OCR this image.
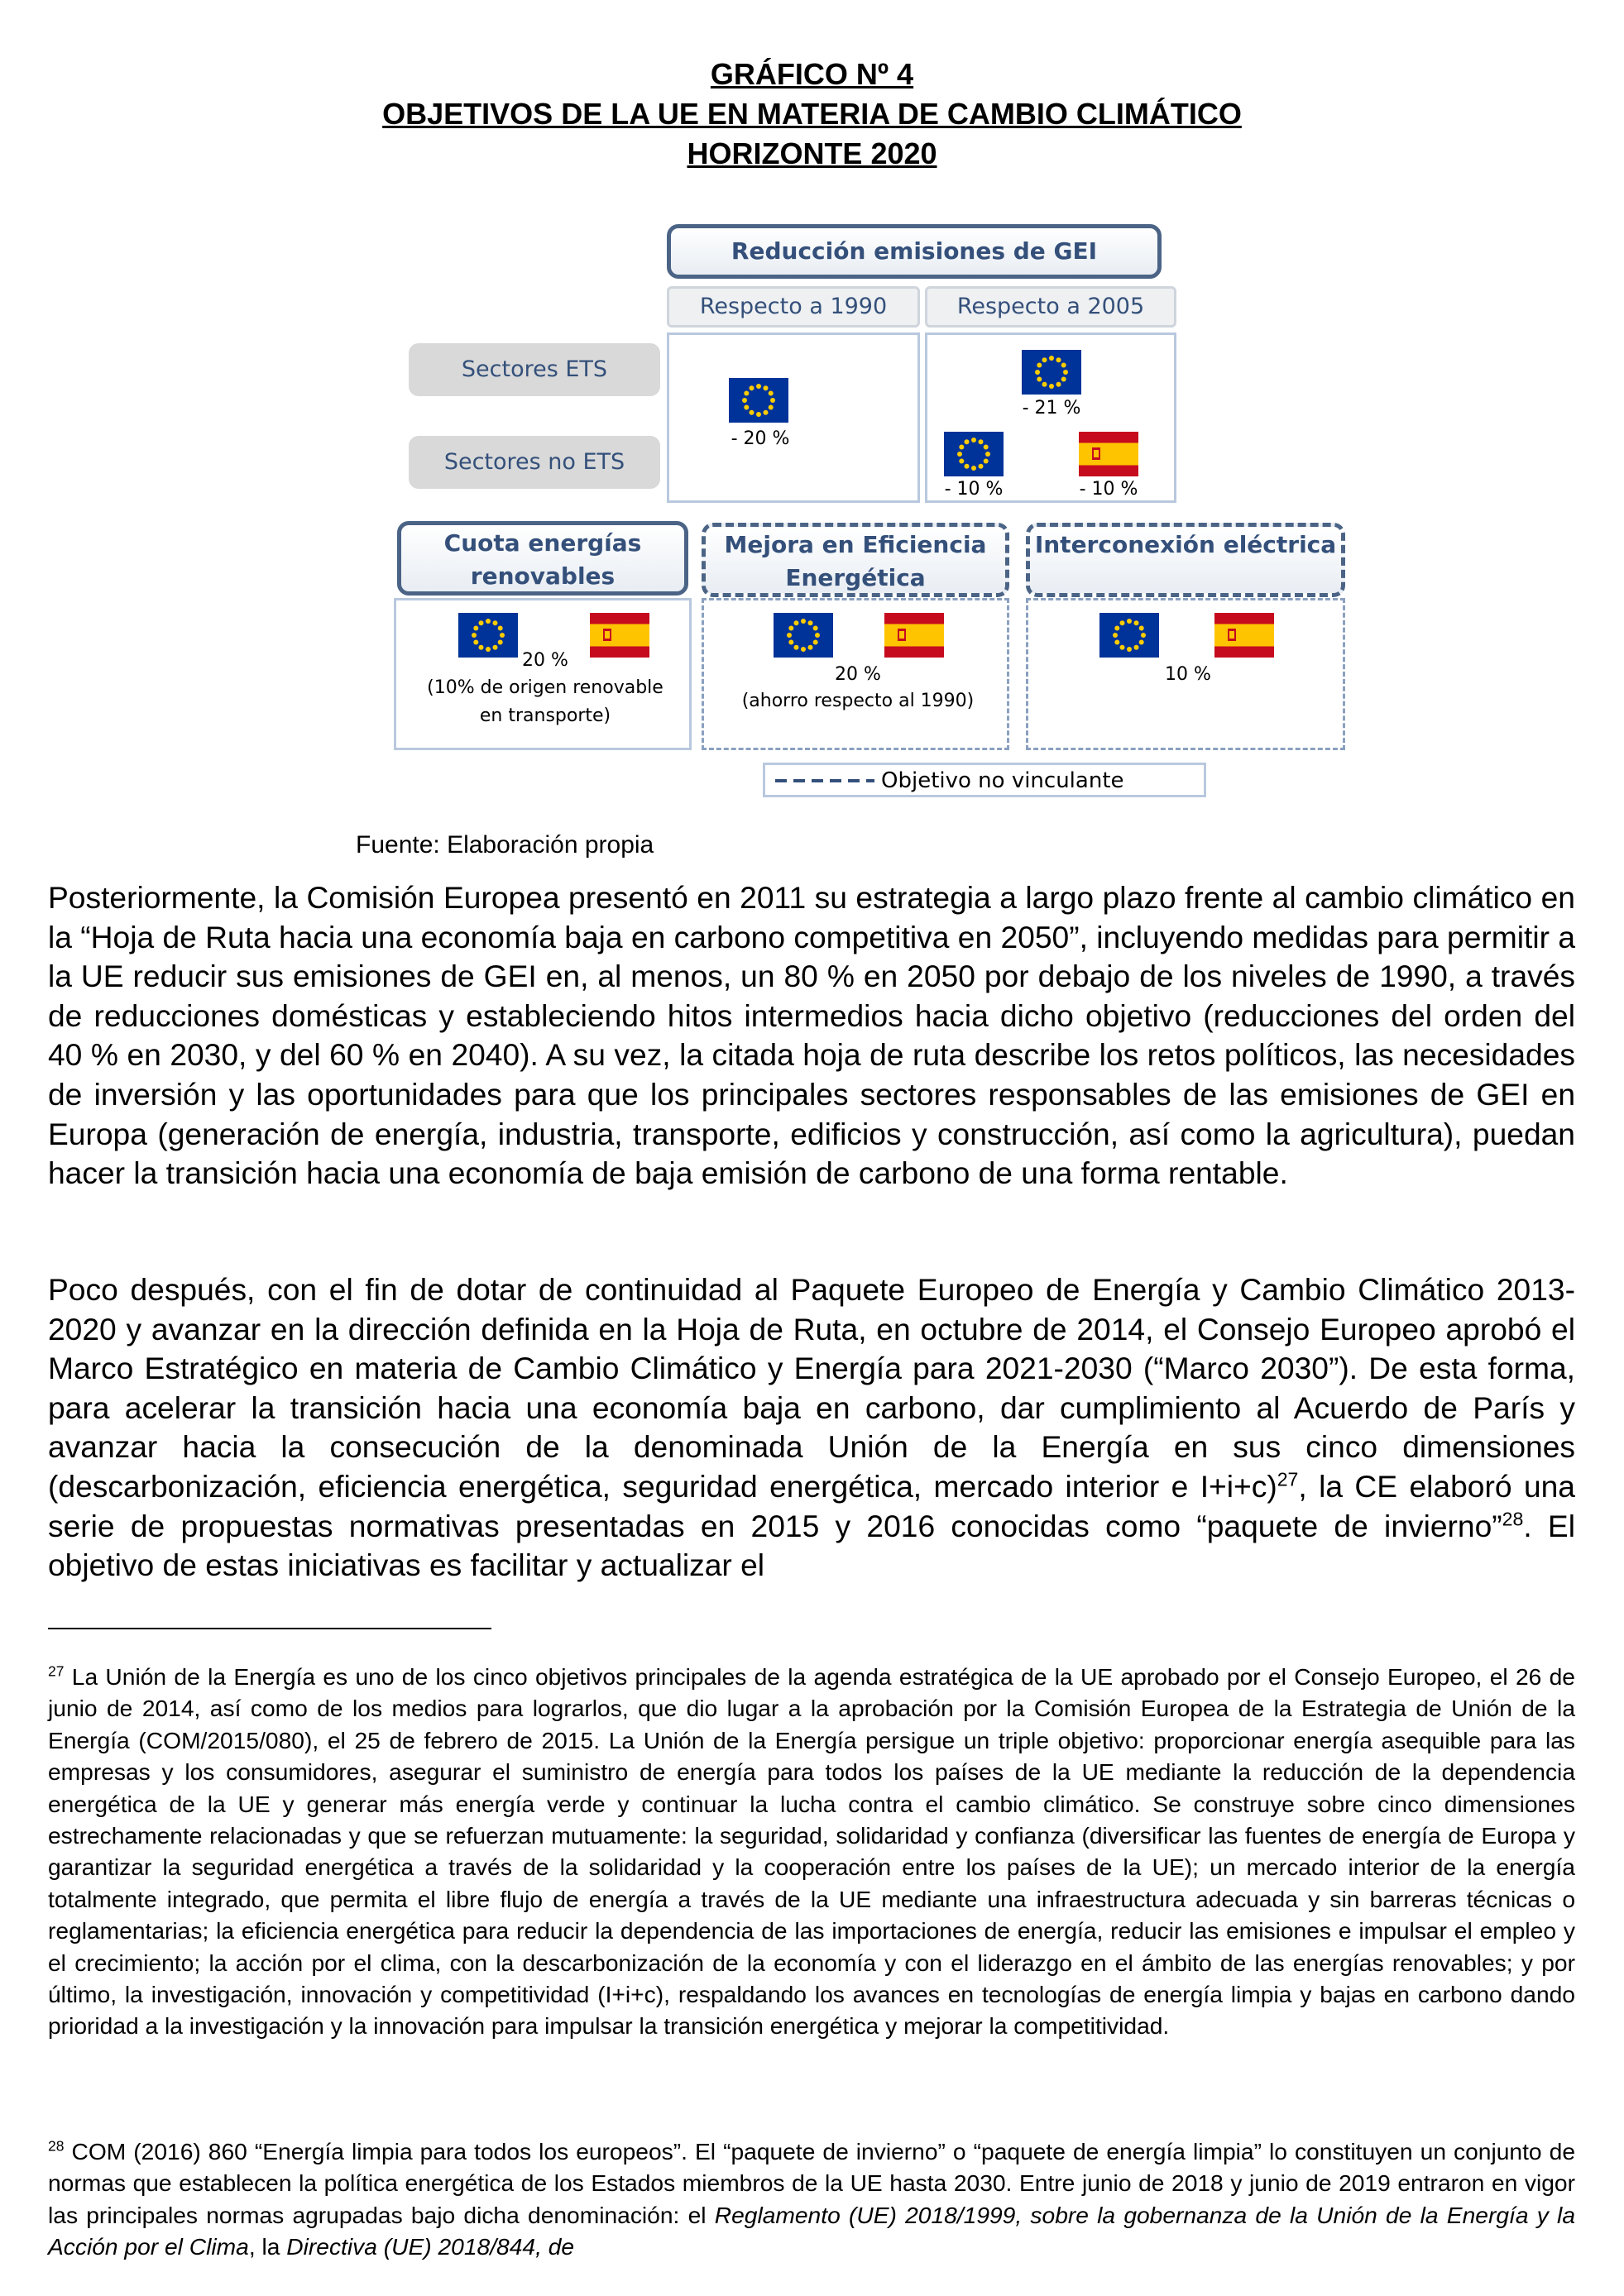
GRÁFICO Nº 4
OBJETIVOS DE LA UE EN MATERIA DE CAMBIO CLIMÁTICO
HORIZONTE 2020
Reducción emisiones de GEI
Respecto a 1990	Respecto a 2005
Sectores ETS
Sectores no ETS
- 20 %
- 21 %
- 10 %	- 10 %
Cuota energías renovables
20 %
(10% de origen renovable en transporte)
Mejora en Eficiencia Energética
20 %
(ahorro respecto al 1990)
Interconexión eléctrica
10 %
Objetivo no vinculante
Fuente: Elaboración propia
Posteriormente, la Comisión Europea presentó en 2011 su estrategia a largo plazo frente al cambio climático en la “Hoja de Ruta hacia una economía baja en carbono competitiva en 2050”, incluyendo medidas para permitir a la UE reducir sus emisiones de GEI en, al menos, un 80 % en 2050 por debajo de los niveles de 1990, a través de reducciones domésticas y estableciendo hitos intermedios hacia dicho objetivo (reducciones del orden del 40 % en 2030, y del 60 % en 2040). A su vez, la citada hoja de ruta describe los retos políticos, las necesidades de inversión y las oportunidades para que los principales sectores responsables de las emisiones de GEI en Europa (generación de energía, industria, transporte, edificios y construcción, así como la agricultura), puedan hacer la transición hacia una economía de baja emisión de carbono de una forma rentable.
Poco después, con el fin de dotar de continuidad al Paquete Europeo de Energía y Cambio Climático 2013-2020 y avanzar en la dirección definida en la Hoja de Ruta, en octubre de 2014, el Consejo Europeo aprobó el Marco Estratégico en materia de Cambio Climático y Energía para 2021-2030 (“Marco 2030”). De esta forma, para acelerar la transición hacia una economía baja en carbono, dar cumplimiento al Acuerdo de París y avanzar hacia la consecución de la denominada Unión de la Energía en sus cinco dimensiones (descarbonización, eficiencia energética, seguridad energética, mercado interior e I+i+c)$^{27}$, la CE elaboró una serie de propuestas normativas presentadas en 2015 y 2016 conocidas como “paquete de invierno”$^{28}$. El objetivo de estas iniciativas es facilitar y actualizar el
$^{27}$ La Unión de la Energía es uno de los cinco objetivos principales de la agenda estratégica de la UE aprobado por el Consejo Europeo, el 26 de junio de 2014, así como de los medios para lograrlos, que dio lugar a la aprobación por la Comisión Europea de la Estrategia de Unión de la Energía (COM/2015/080), el 25 de febrero de 2015. La Unión de la Energía persigue un triple objetivo: proporcionar energía asequible para las empresas y los consumidores, asegurar el suministro de energía para todos los países de la UE mediante la reducción de la dependencia energética de la UE y generar más energía verde y continuar la lucha contra el cambio climático. Se construye sobre cinco dimensiones estrechamente relacionadas y que se refuerzan mutuamente: la seguridad, solidaridad y confianza (diversificar las fuentes de energía de Europa y garantizar la seguridad energética a través de la solidaridad y la cooperación entre los países de la UE); un mercado interior de la energía totalmente integrado, que permita el libre flujo de energía a través de la UE mediante una infraestructura adecuada y sin barreras técnicas o reglamentarias; la eficiencia energética para reducir la dependencia de las importaciones de energía, reducir las emisiones e impulsar el empleo y el crecimiento; la acción por el clima, con la descarbonización de la economía y con el liderazgo en el ámbito de las energías renovables; y por último, la investigación, innovación y competitividad (I+i+c), respaldando los avances en tecnologías de energía limpia y bajas en carbono dando prioridad a la investigación y la innovación para impulsar la transición energética y mejorar la competitividad.
$^{28}$ COM (2016) 860 “Energía limpia para todos los europeos”. El “paquete de invierno” o “paquete de energía limpia” lo constituyen un conjunto de normas que establecen la política energética de los Estados miembros de la UE hasta 2030. Entre junio de 2018 y junio de 2019 entraron en vigor las principales normas agrupadas bajo dicha denominación: el Reglamento (UE) 2018/1999, sobre la gobernanza de la Unión de la Energía y la Acción por el Clima, la Directiva (UE) 2018/844, de
